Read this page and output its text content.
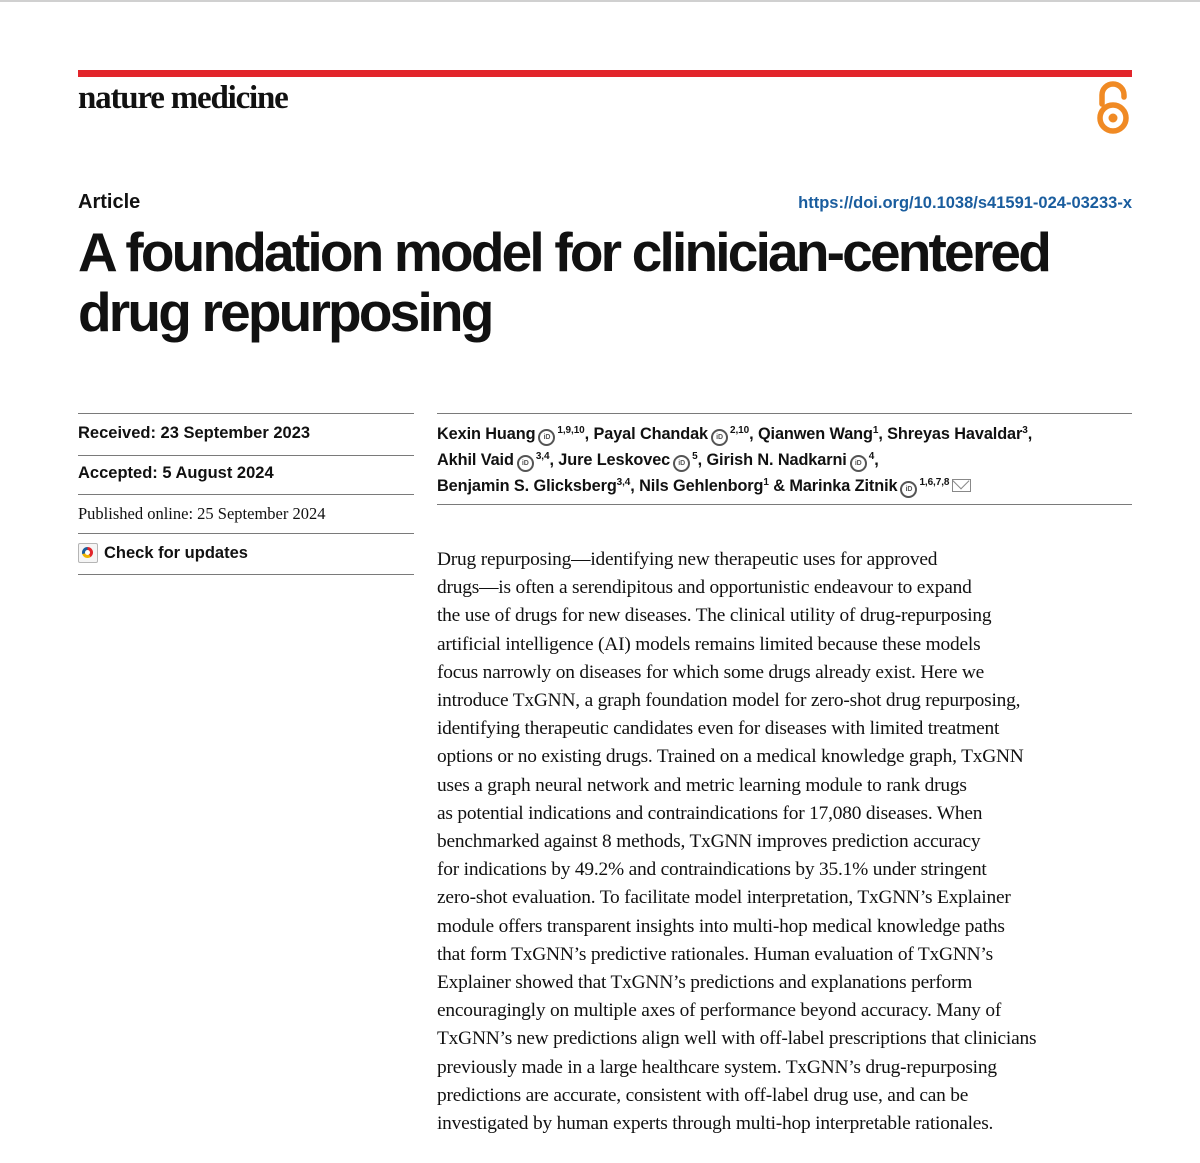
nature medicine
Article	https://doi.org/10.1038/s41591-024-03233-x
A foundation model for clinician-centered drug repurposing
Received: 23 September 2023
Accepted: 5 August 2024
Published online: 25 September 2024
Check for updates

Kexin Huang iD$^{1,9,10}$, Payal Chandak iD$^{2,10}$, Qianwen Wang$^1$, Shreyas Havaldar$^3$,
Akhil Vaid iD$^{3,4}$, Jure Leskovec $iD^5$, Girish N. Nadkarni $iD^4$,
Benjamin S. Glicksberg$^{3,4}$, Nils Gehlenborg$^1$ & Marinka Zitnik iD$^{1,6,7,8}$

Drug repurposing—identifying new therapeutic uses for approved
drugs—is often a serendipitous and opportunistic endeavour to expand
the use of drugs for new diseases. The clinical utility of drug-repurposing
artificial intelligence (AI) models remains limited because these models
focus narrowly on diseases for which some drugs already exist. Here we
introduce TxGNN, a graph foundation model for zero-shot drug repurposing,
identifying therapeutic candidates even for diseases with limited treatment
options or no existing drugs. Trained on a medical knowledge graph, TxGNN
uses a graph neural network and metric learning module to rank drugs
as potential indications and contraindications for 17,080 diseases. When
benchmarked against 8 methods, TxGNN improves prediction accuracy
for indications by 49.2% and contraindications by 35.1% under stringent
zero-shot evaluation. To facilitate model interpretation, TxGNN’s Explainer
module offers transparent insights into multi-hop medical knowledge paths
that form TxGNN’s predictive rationales. Human evaluation of TxGNN’s
Explainer showed that TxGNN’s predictions and explanations perform
encouragingly on multiple axes of performance beyond accuracy. Many of
TxGNN’s new predictions align well with off-label prescriptions that clinicians
previously made in a large healthcare system. TxGNN’s drug-repurposing
predictions are accurate, consistent with off-label drug use, and can be
investigated by human experts through multi-hop interpretable rationales.
